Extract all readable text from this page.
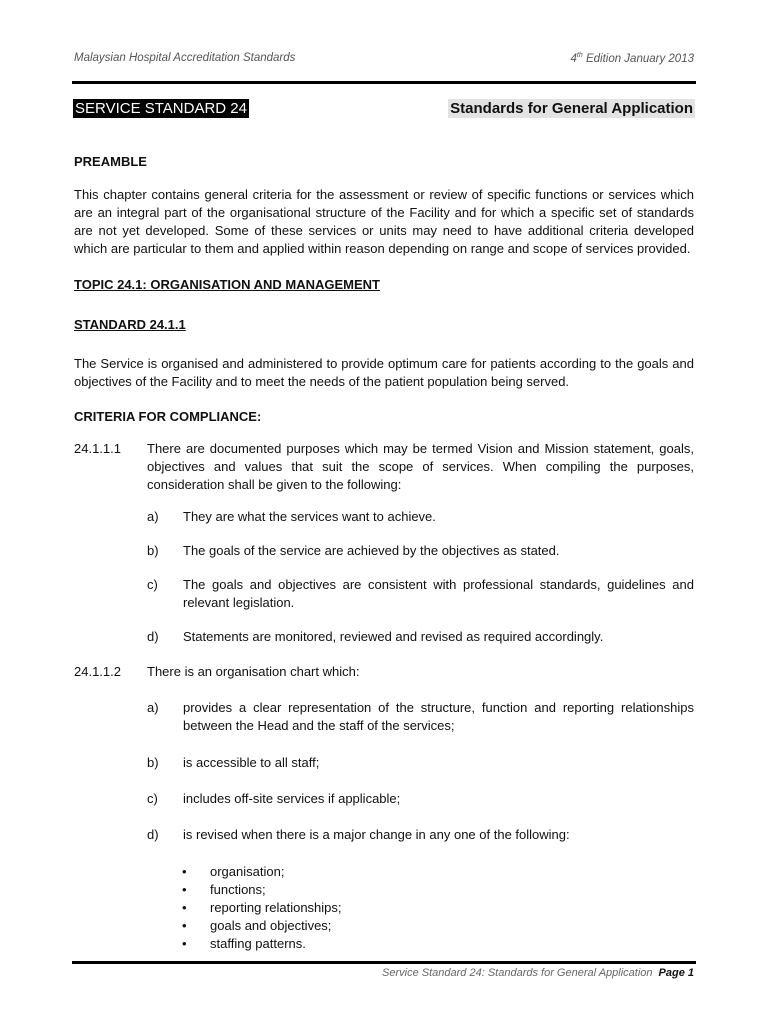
Malaysian Hospital Accreditation Standards	4th Edition January 2013
SERVICE STANDARD 24	Standards for General Application
PREAMBLE
This chapter contains general criteria for the assessment or review of specific functions or services which are an integral part of the organisational structure of the Facility and for which a specific set of standards are not yet developed. Some of these services or units may need to have additional criteria developed which are particular to them and applied within reason depending on range and scope of services provided.
TOPIC 24.1: ORGANISATION AND MANAGEMENT
STANDARD 24.1.1
The Service is organised and administered to provide optimum care for patients according to the goals and objectives of the Facility and to meet the needs of the patient population being served.
CRITERIA FOR COMPLIANCE:
24.1.1.1 There are documented purposes which may be termed Vision and Mission statement, goals, objectives and values that suit the scope of services. When compiling the purposes, consideration shall be given to the following:
a) They are what the services want to achieve.
b) The goals of the service are achieved by the objectives as stated.
c) The goals and objectives are consistent with professional standards, guidelines and relevant legislation.
d) Statements are monitored, reviewed and revised as required accordingly.
24.1.1.2 There is an organisation chart which:
a) provides a clear representation of the structure, function and reporting relationships between the Head and the staff of the services;
b) is accessible to all staff;
c) includes off-site services if applicable;
d) is revised when there is a major change in any one of the following:
• organisation;
• functions;
• reporting relationships;
• goals and objectives;
• staffing patterns.
Service Standard 24: Standards for General Application Page 1
